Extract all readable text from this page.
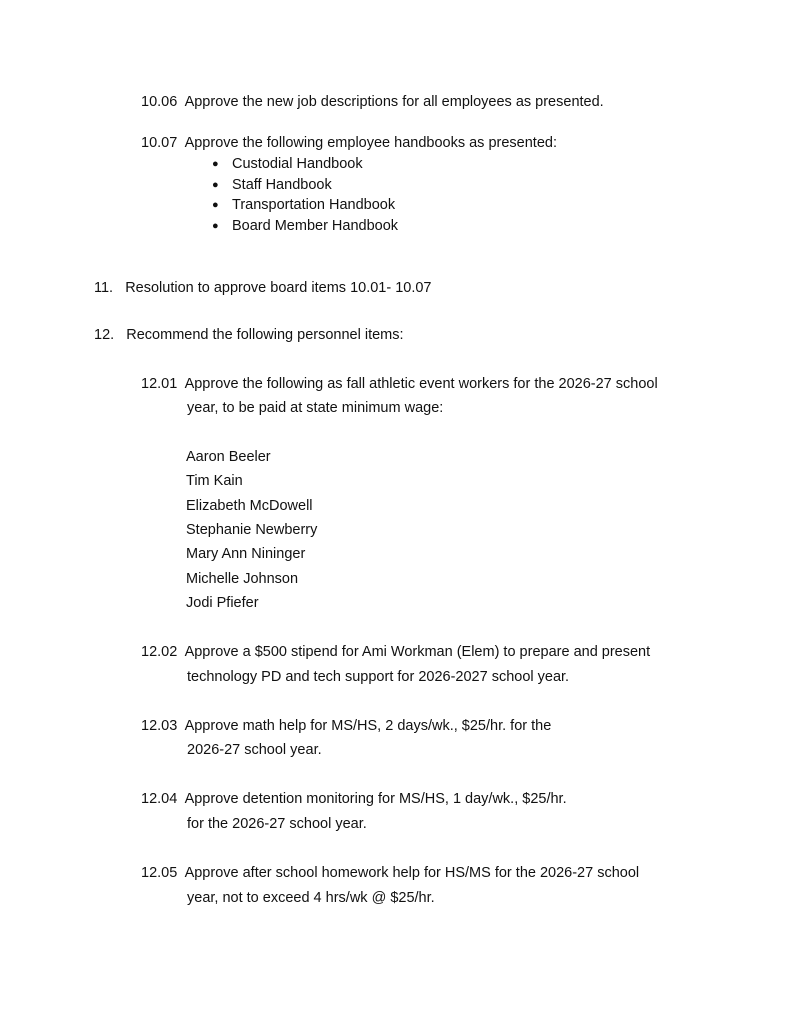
10.06 Approve the new job descriptions for all employees as presented.
10.07 Approve the following employee handbooks as presented:
● Custodial Handbook
● Staff Handbook
● Transportation Handbook
● Board Member Handbook
11. Resolution to approve board items 10.01- 10.07
12. Recommend the following personnel items:
12.01 Approve the following as fall athletic event workers for the 2026-27 school
year, to be paid at state minimum wage:
Aaron Beeler
Tim Kain
Elizabeth McDowell
Stephanie Newberry
Mary Ann Nininger
Michelle Johnson
Jodi Pfiefer
12.02 Approve a $500 stipend for Ami Workman (Elem) to prepare and present
technology PD and tech support for 2026-2027 school year.
12.03 Approve math help for MS/HS, 2 days/wk., $25/hr. for the
2026-27 school year.
12.04 Approve detention monitoring for MS/HS, 1 day/wk., $25/hr.
for the 2026-27 school year.
12.05 Approve after school homework help for HS/MS for the 2026-27 school
year, not to exceed 4 hrs/wk @ $25/hr.
